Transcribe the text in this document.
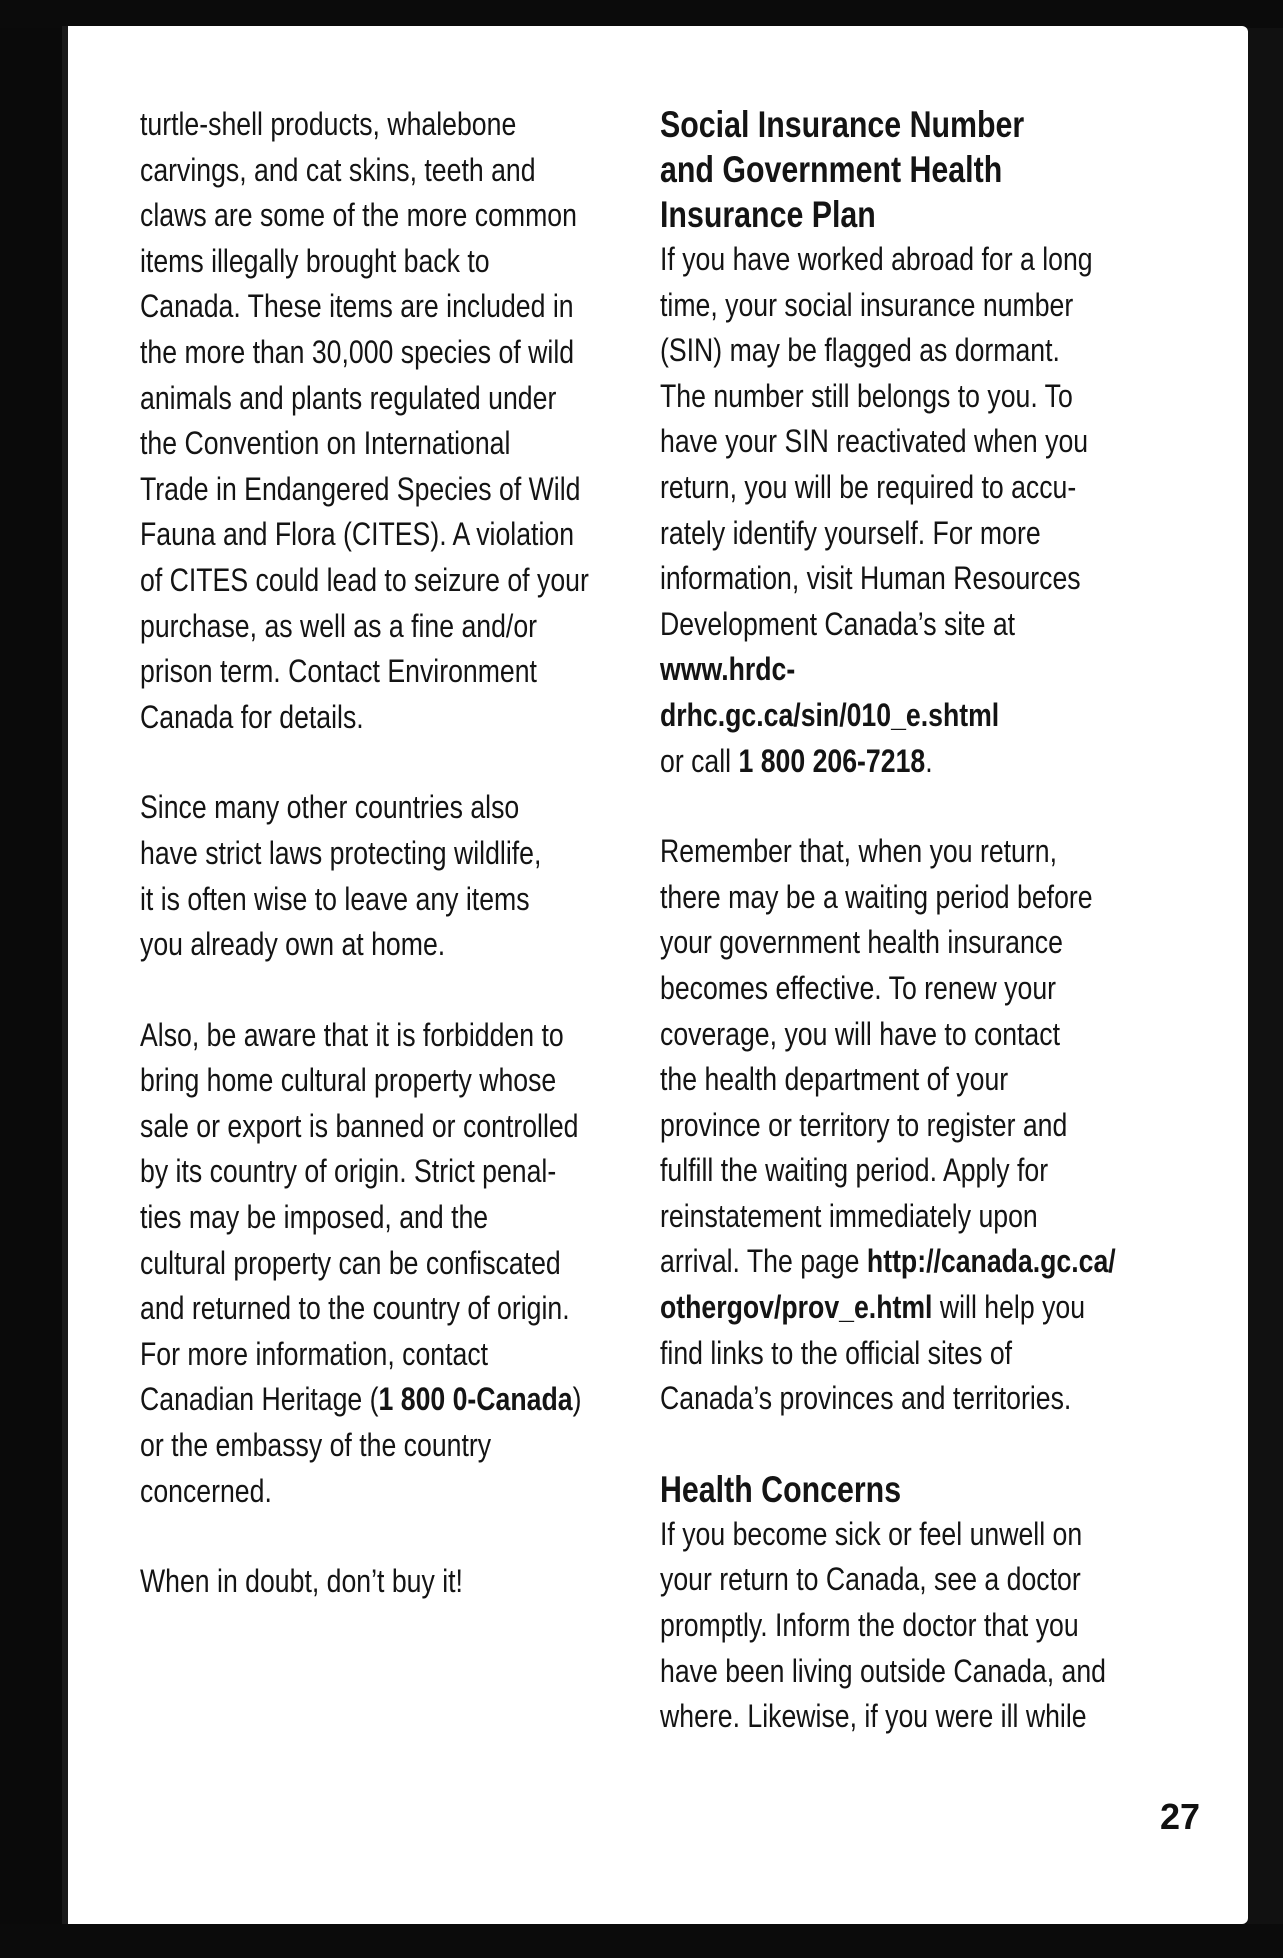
turtle-shell products, whalebone
carvings, and cat skins, teeth and
claws are some of the more common
items illegally brought back to
Canada. These items are included in
the more than 30,000 species of wild
animals and plants regulated under
the Convention on International
Trade in Endangered Species of Wild
Fauna and Flora (CITES). A violation
of CITES could lead to seizure of your
purchase, as well as a fine and/or
prison term. Contact Environment
Canada for details.

Since many other countries also
have strict laws protecting wildlife,
it is often wise to leave any items
you already own at home.

Also, be aware that it is forbidden to
bring home cultural property whose
sale or export is banned or controlled
by its country of origin. Strict penal-
ties may be imposed, and the
cultural property can be confiscated
and returned to the country of origin.
For more information, contact
Canadian Heritage (1 800 0-Canada)
or the embassy of the country
concerned.

When in doubt, don’t buy it!

Social Insurance Number
and Government Health
Insurance Plan

If you have worked abroad for a long
time, your social insurance number
(SIN) may be flagged as dormant.
The number still belongs to you. To
have your SIN reactivated when you
return, you will be required to accu-
rately identify yourself. For more
information, visit Human Resources
Development Canada’s site at
www.hrdc-drhc.gc.ca/sin/010_e.shtml
or call 1 800 206-7218.

Remember that, when you return,
there may be a waiting period before
your government health insurance
becomes effective. To renew your
coverage, you will have to contact
the health department of your
province or territory to register and
fulfill the waiting period. Apply for
reinstatement immediately upon
arrival. The page http://canada.gc.ca/
othergov/prov_e.html will help you
find links to the official sites of
Canada’s provinces and territories.

Health Concerns

If you become sick or feel unwell on
your return to Canada, see a doctor
promptly. Inform the doctor that you
have been living outside Canada, and
where. Likewise, if you were ill while

27
